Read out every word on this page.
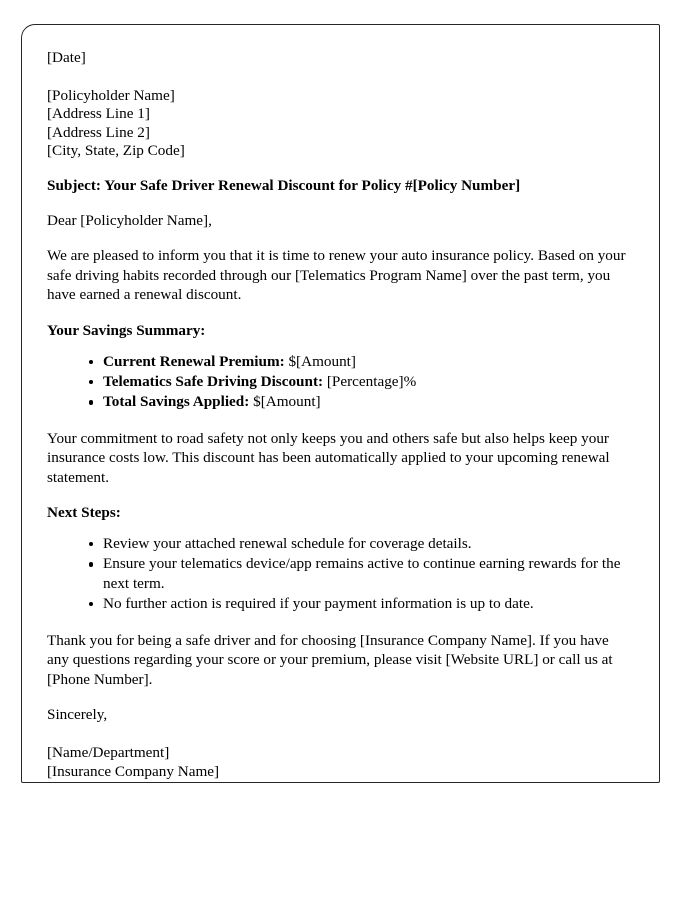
[Date]
[Policyholder Name]
[Address Line 1]
[Address Line 2]
[City, State, Zip Code]
Subject: Your Safe Driver Renewal Discount for Policy #[Policy Number]
Dear [Policyholder Name],
We are pleased to inform you that it is time to renew your auto insurance policy. Based on your safe driving habits recorded through our [Telematics Program Name] over the past term, you have earned a renewal discount.
Your Savings Summary:
Current Renewal Premium: $[Amount]
Telematics Safe Driving Discount: [Percentage]%
Total Savings Applied: $[Amount]
Your commitment to road safety not only keeps you and others safe but also helps keep your insurance costs low. This discount has been automatically applied to your upcoming renewal statement.
Next Steps:
Review your attached renewal schedule for coverage details.
Ensure your telematics device/app remains active to continue earning rewards for the next term.
No further action is required if your payment information is up to date.
Thank you for being a safe driver and for choosing [Insurance Company Name]. If you have any questions regarding your score or your premium, please visit [Website URL] or call us at [Phone Number].
Sincerely,
[Name/Department]
[Insurance Company Name]
